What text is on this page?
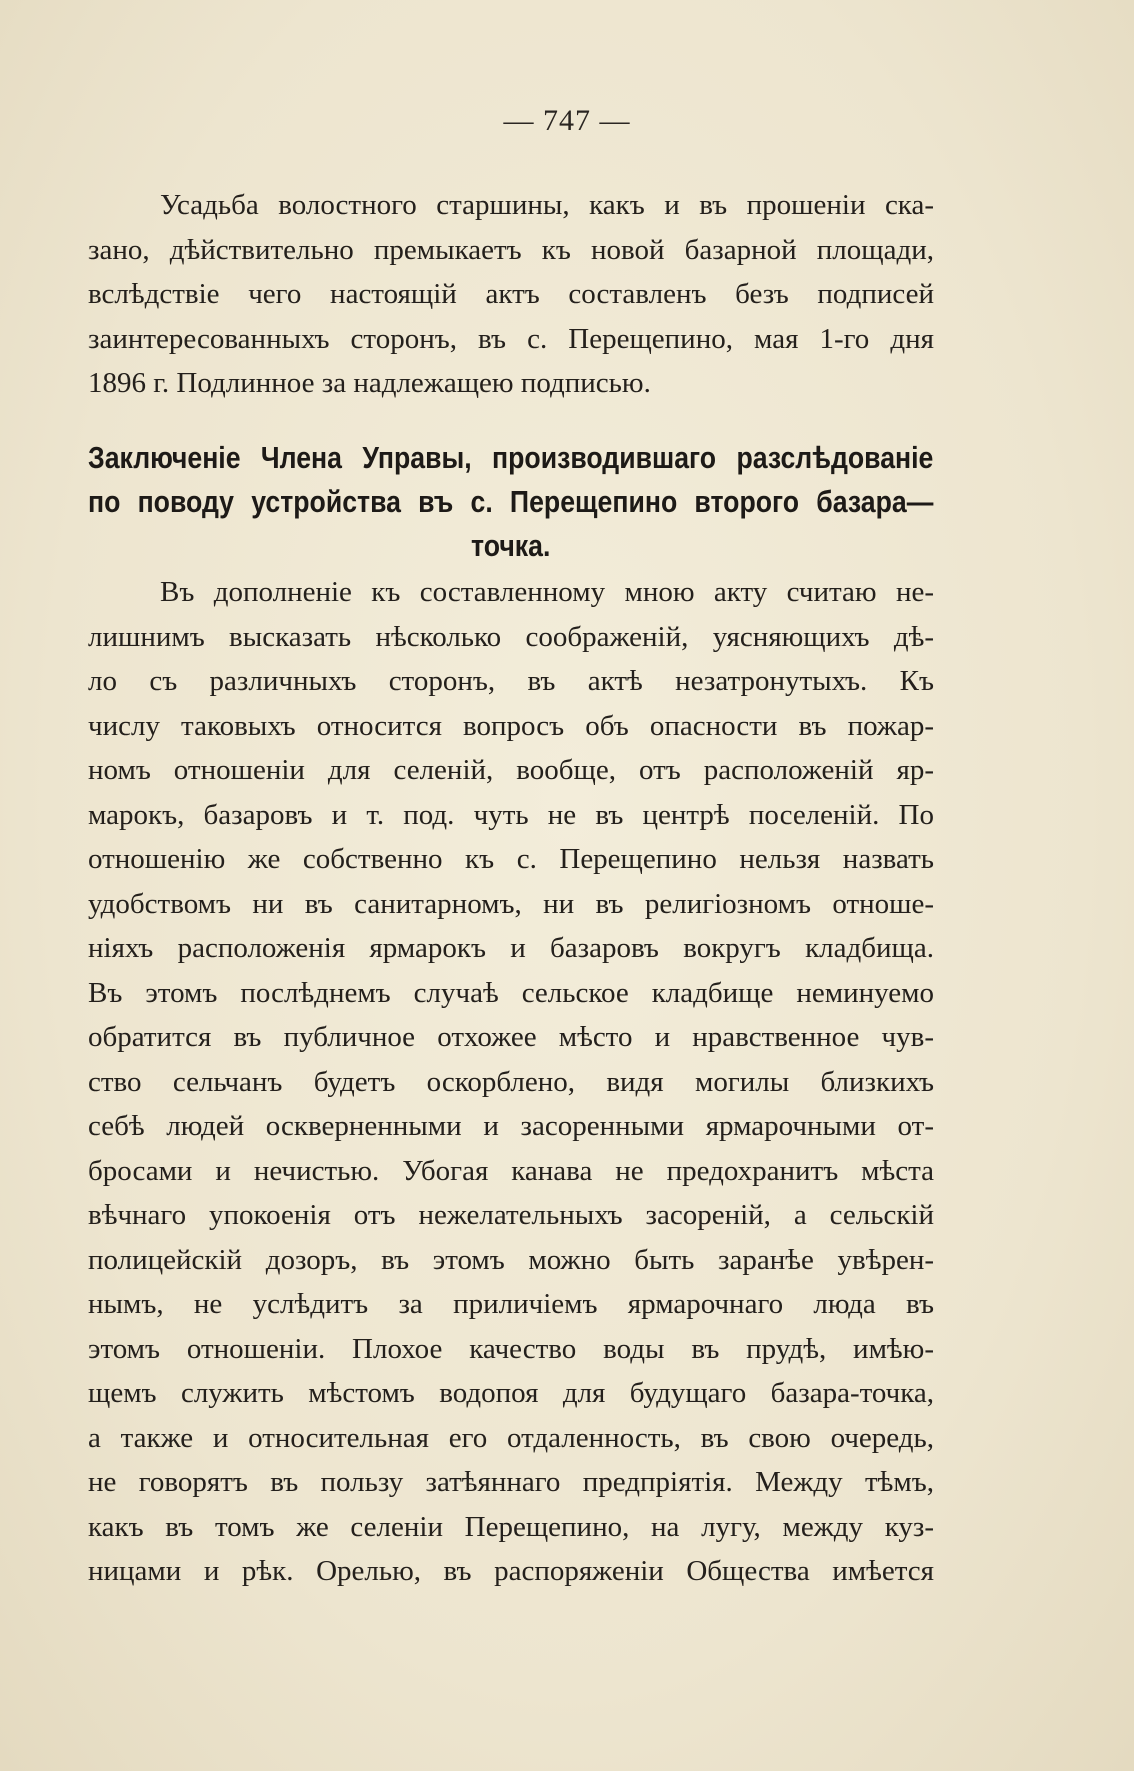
— 747 —
Усадьба волостного старшины, какъ и въ прошеніи ска-
зано, дѣйствительно премыкаетъ къ новой базарной площади,
вслѣдствіе чего настоящій актъ составленъ безъ подписей
заинтересованныхъ сторонъ, въ с. Перещепино, мая 1-го дня
1896 г. Подлинное за надлежащею подписью.
Заключеніе Члена Управы, производившаго разслѣдованіе
по поводу устройства въ с. Перещепино второго базара—
точка.
Въ дополненіе къ составленному мною акту считаю не-
лишнимъ высказать нѣсколько соображеній, уясняющихъ дѣ-
ло съ различныхъ сторонъ, въ актѣ незатронутыхъ. Къ
числу таковыхъ относится вопросъ объ опасности въ пожар-
номъ отношеніи для селеній, вообще, отъ расположеній яр-
марокъ, базаровъ и т. под. чуть не въ центрѣ поселеній. По
отношенію же собственно къ с. Перещепино нельзя назвать
удобствомъ ни въ санитарномъ, ни въ религіозномъ отноше-
ніяхъ расположенія ярмарокъ и базаровъ вокругъ кладбища.
Въ этомъ послѣднемъ случаѣ сельское кладбище неминуемо
обратится въ публичное отхожее мѣсто и нравственное чув-
ство сельчанъ будетъ оскорблено, видя могилы близкихъ
себѣ людей оскверненными и засоренными ярмарочными от-
бросами и нечистью. Убогая канава не предохранитъ мѣста
вѣчнаго упокоенія отъ нежелательныхъ засореній, а сельскій
полицейскій дозоръ, въ этомъ можно быть заранѣе увѣрен-
нымъ, не услѣдитъ за приличіемъ ярмарочнаго люда въ
этомъ отношеніи. Плохое качество воды въ прудѣ, имѣю-
щемъ служить мѣстомъ водопоя для будущаго базара-точка,
а также и относительная его отдаленность, въ свою очередь,
не говорятъ въ пользу затѣяннаго предпріятія. Между тѣмъ,
какъ въ томъ же селеніи Перещепино, на лугу, между куз-
ницами и рѣк. Орелью, въ распоряженіи Общества имѣется
